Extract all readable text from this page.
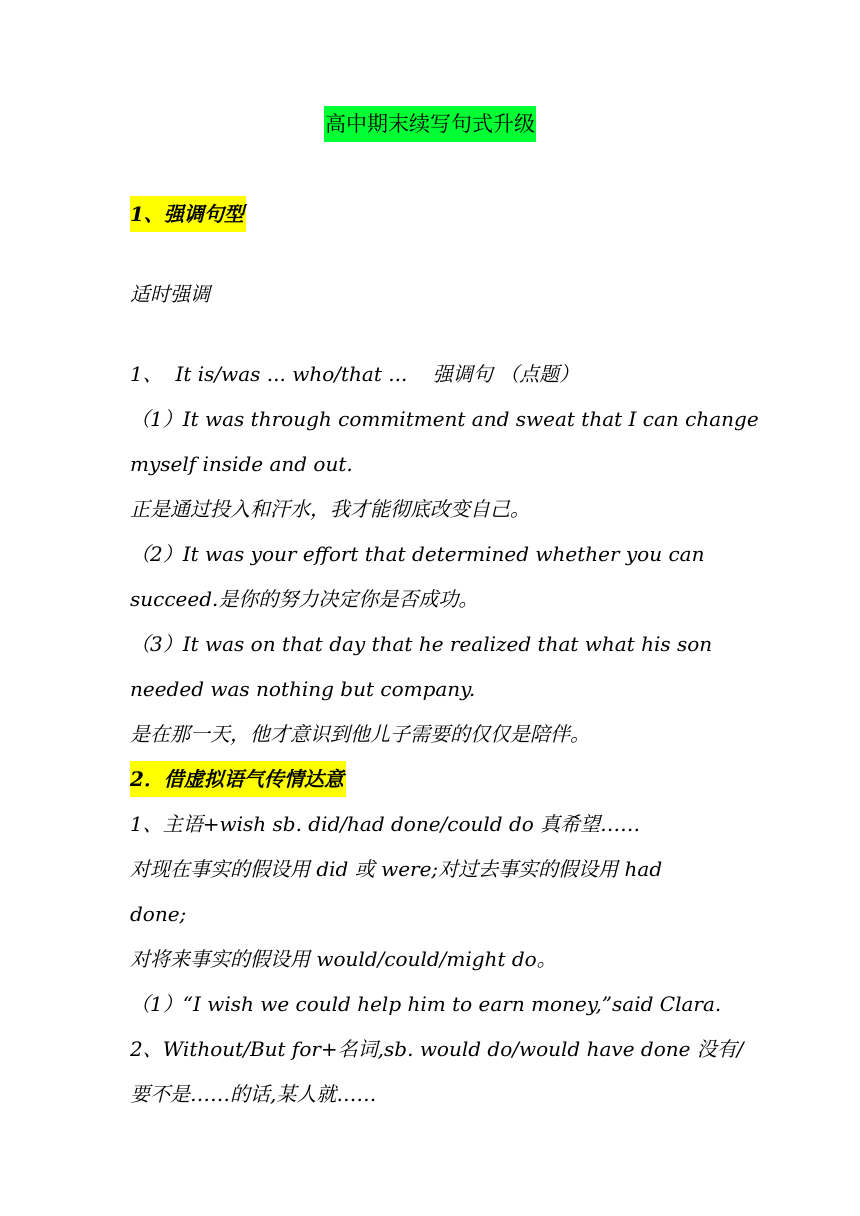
高中期末续写句式升级
1、强调句型
适时强调
1、  It is/was ... who/that ...    强调句 （点题）
（1）It was through commitment and sweat that I can change
myself inside and out.
正是通过投入和汗水，我才能彻底改变自己。
（2）It was your effort that determined whether you can
succeed.是你的努力决定你是否成功。
（3）It was on that day that he realized that what his son
needed was nothing but company.
是在那一天，他才意识到他儿子需要的仅仅是陪伴。
2．借虚拟语气传情达意
1、主语+wish sb. did/had done/could do 真希望……
对现在事实的假设用 did 或 were;对过去事实的假设用 had
done;
对将来事实的假设用 would/could/might do。
（1）“I wish we could help him to earn money,”said Clara.
2、Without/But for+名词,sb. would do/would have done 没有/
要不是……的话,某人就……
